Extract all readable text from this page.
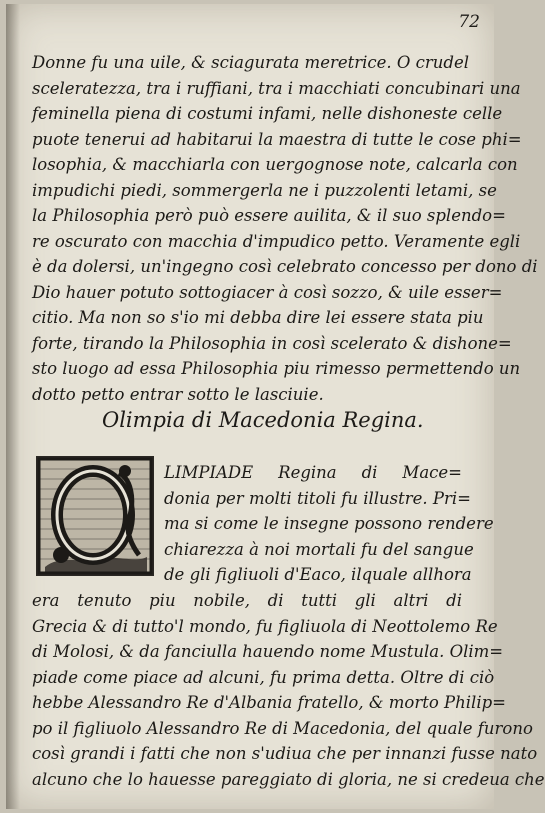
72
Donne fu una uile, & sciagurata meretrice. O crudel
sceleratezza, tra i ruffiani, tra i macchiati concubinari una
feminella piena di costumi infami, nelle dishoneste celle
puote tenerui ad habitarui la maestra di tutte le cose phi=
losophia, & macchiarla con uergognose note, calcarla con
impudichi piedi, sommergerla ne i puzzolenti letami, se
la Philosophia però può essere auilita, & il suo splendo=
re oscurato con macchia d'impudico petto. Veramente egli
è da dolersi, un'ingegno così celebrato concesso per dono di
Dio hauer potuto sottogiacer à così sozzo, & uile esser=
citio. Ma non so s'io mi debba dire lei essere stata piu
forte, tirando la Philosophia in così scelerato & dishone=
sto luogo ad essa Philosophia piu rimesso permettendo un
dotto petto entrar sotto le lasciuie.
Olimpia di Macedonia Regina.
LIMPIADE Regina di Mace=
donia per molti titoli fu illustre. Pri=
ma si come le insegne possono rendere
chiarezza à noi mortali fu del sangue
de gli figliuoli d'Eaco, ilquale allhora
era tenuto piu nobile, di tutti gli altri di
Grecia & di tutto'l mondo, fu figliuola di Neottolemo Re
di Molosi, & da fanciulla hauendo nome Mustula. Olim=
piade come piace ad alcuni, fu prima detta. Oltre di ciò
hebbe Alessandro Re d'Albania fratello, & morto Philip=
po il figliuolo Alessandro Re di Macedonia, del quale furono
così grandi i fatti che non s'udiua che per innanzi fusse nato
alcuno che lo hauesse pareggiato di gloria, ne si credeua che
